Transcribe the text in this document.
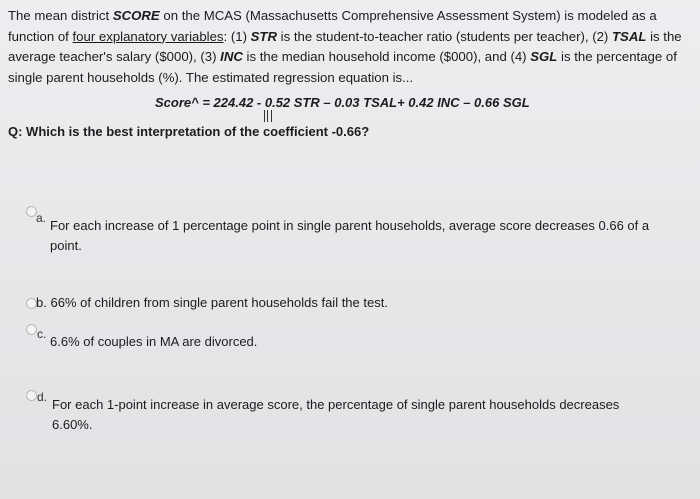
The mean district SCORE on the MCAS (Massachusetts Comprehensive Assessment System) is modeled as a function of four explanatory variables: (1) STR is the student-to-teacher ratio (students per teacher), (2) TSAL is the average teacher's salary ($000), (3) INC is the median household income ($000), and (4) SGL is the percentage of single parent households (%). The estimated regression equation is...
Score^ = 224.42 - 0.52 STR – 0.03 TSAL+ 0.42 INC – 0.66 SGL
Q: Which is the best interpretation of the coefficient -0.66?
a. For each increase of 1 percentage point in single parent households, average score decreases 0.66 of a
point.
b. 66% of children from single parent households fail the test.
c. 6.6% of couples in MA are divorced.
d. For each 1-point increase in average score, the percentage of single parent households decreases
6.60%.
